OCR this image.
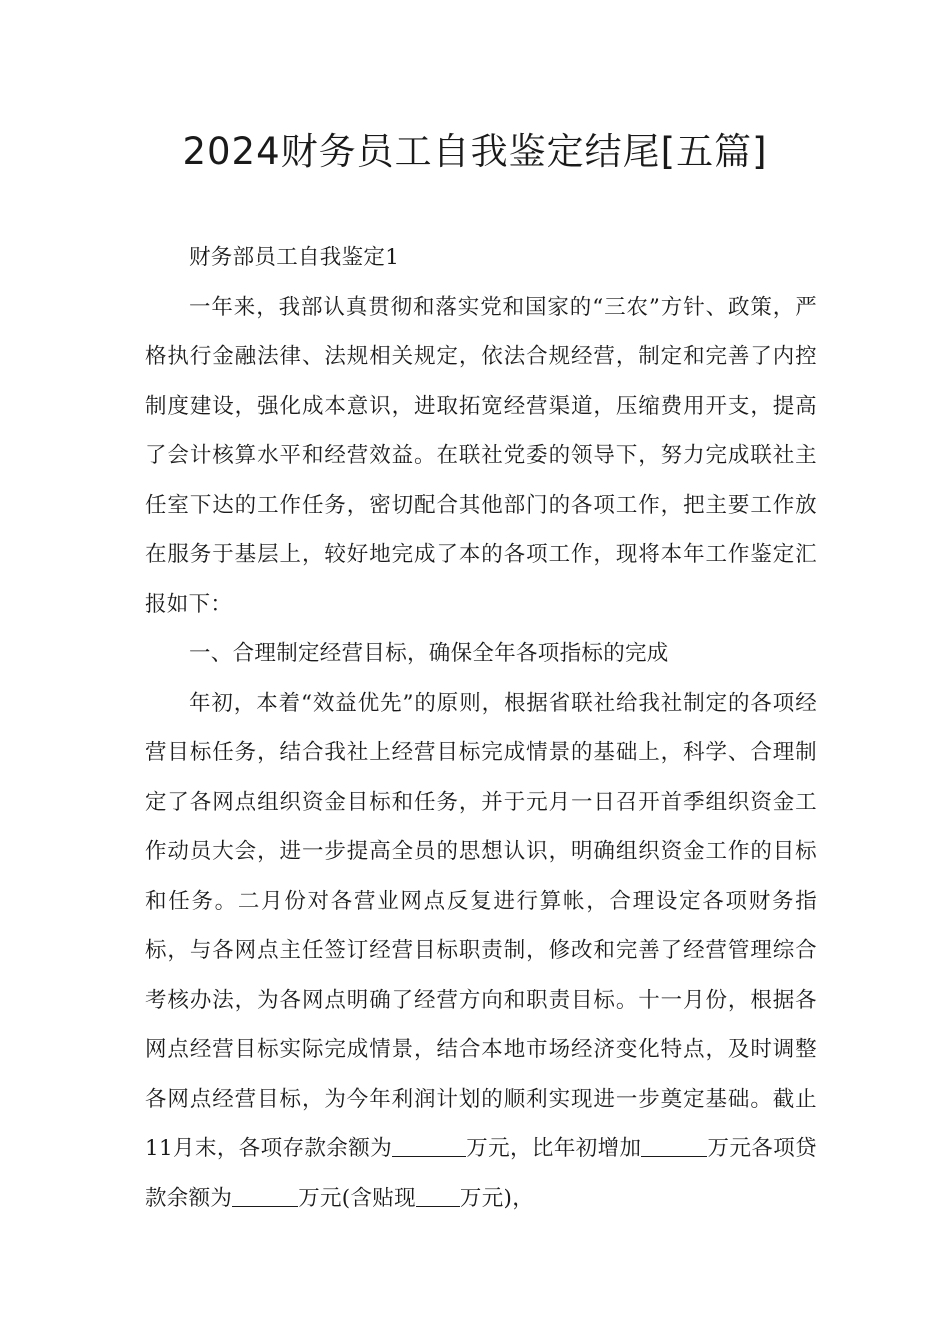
2024财务员工自我鉴定结尾[五篇]

财务部员工自我鉴定1

一年来，我部认真贯彻和落实党和国家的“三农”方针、政策，严格执行金融法律、法规相关规定，依法合规经营，制定和完善了内控制度建设，强化成本意识，进取拓宽经营渠道，压缩费用开支，提高了会计核算水平和经营效益。在联社党委的领导下，努力完成联社主任室下达的工作任务，密切配合其他部门的各项工作，把主要工作放在服务于基层上，较好地完成了本的各项工作，现将本年工作鉴定汇报如下：

一、合理制定经营目标，确保全年各项指标的完成

年初，本着“效益优先”的原则，根据省联社给我社制定的各项经营目标任务，结合我社上经营目标完成情景的基础上，科学、合理制定了各网点组织资金目标和任务，并于元月一日召开首季组织资金工作动员大会，进一步提高全员的思想认识，明确组织资金工作的目标和任务。二月份对各营业网点反复进行算帐，合理设定各项财务指标，与各网点主任签订经营目标职责制，修改和完善了经营管理综合考核办法，为各网点明确了经营方向和职责目标。十一月份，根据各网点经营目标实际完成情景，结合本地市场经济变化特点，及时调整各网点经营目标，为今年利润计划的顺利实现进一步奠定基础。截止11月末，各项存款余额为	万元，比年初增加	万元各项贷款余额为	万元(含贴现 万元)，
